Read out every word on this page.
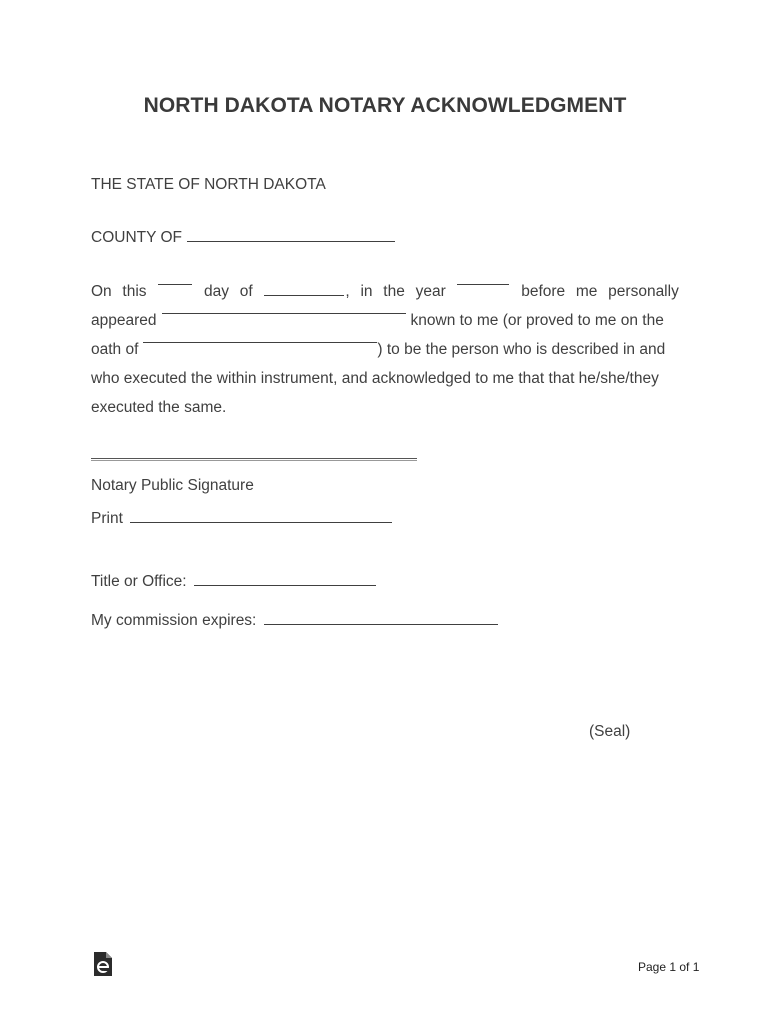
NORTH DAKOTA NOTARY ACKNOWLEDGMENT
THE STATE OF NORTH DAKOTA
COUNTY OF
On this	day of	, in the year	before me personally
appeared	known to me (or proved to me on the
oath of	) to be the person who is described in and
who executed the within instrument, and acknowledged to me that that he/she/they
executed the same.
Notary Public Signature
Print
Title or Office:
My commission expires:
(Seal)
Page 1 of 1
